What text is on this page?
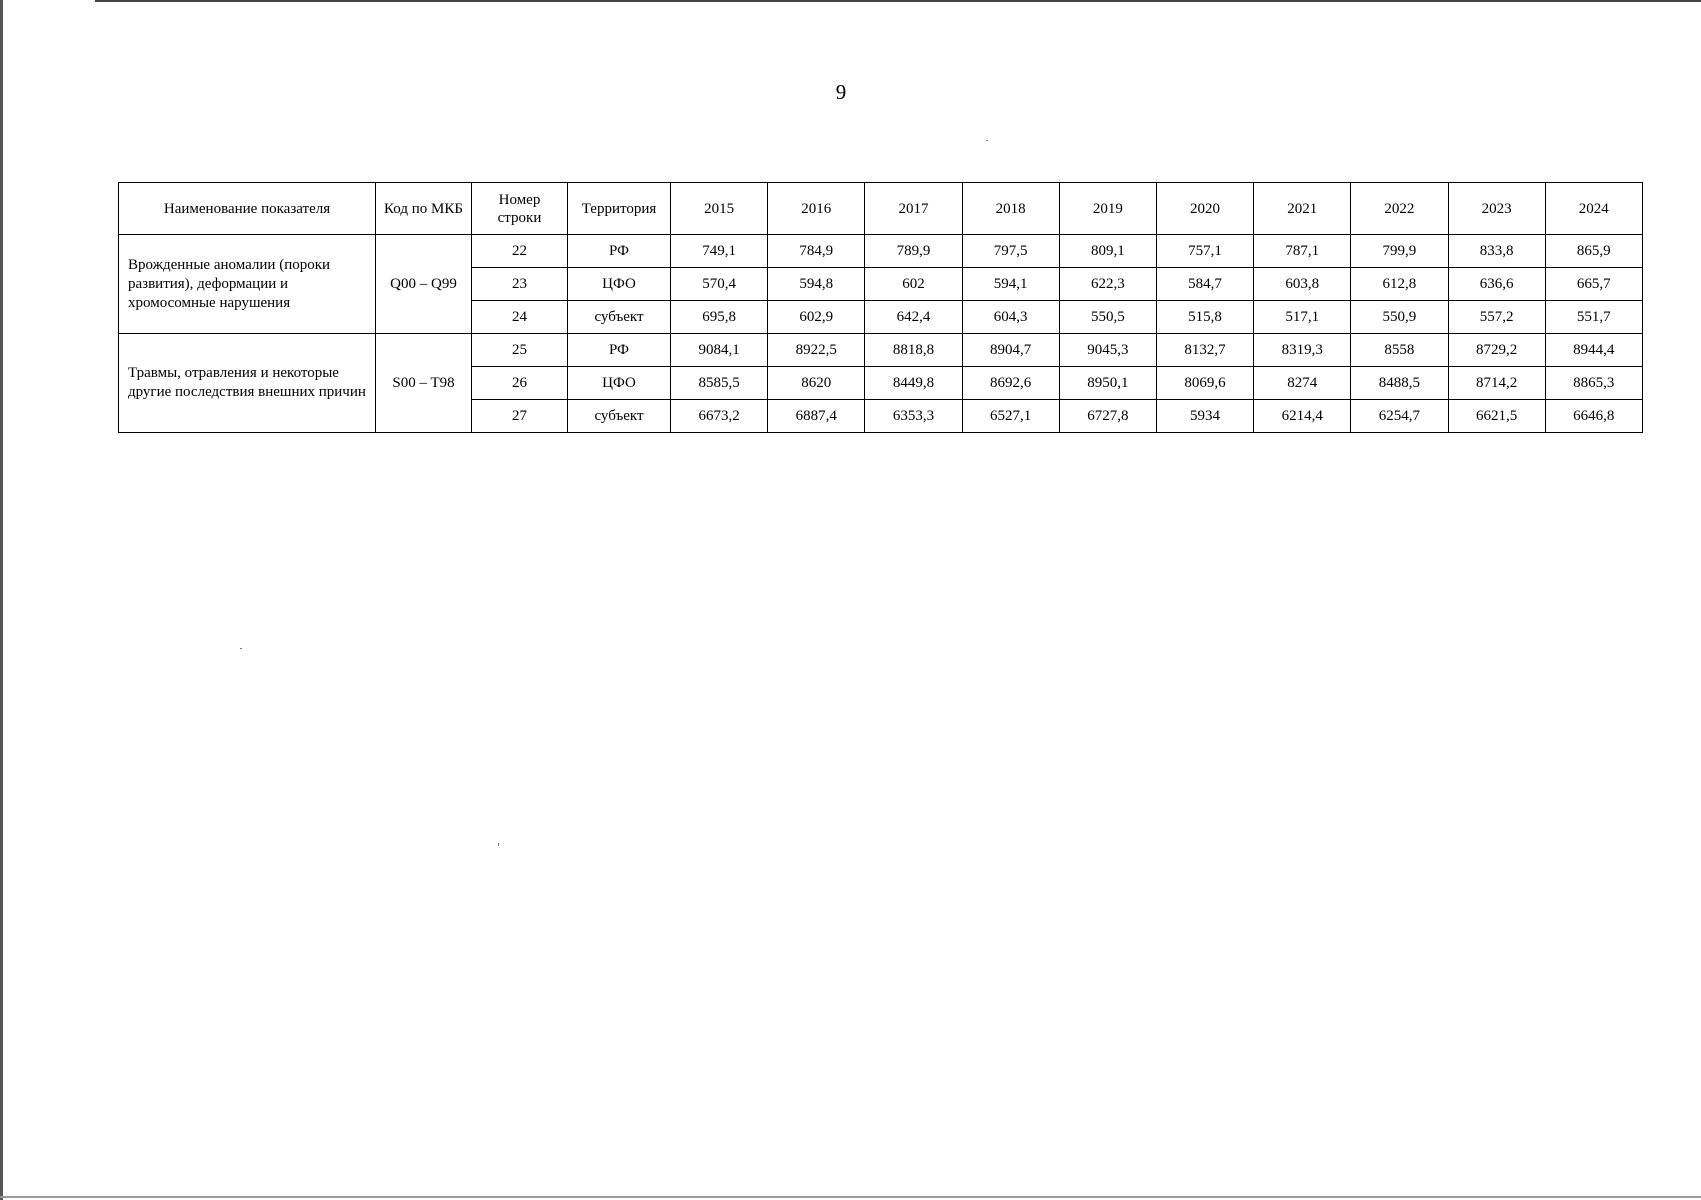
9
Наименование показателя	Код по МКБ	Номер строки	Территория	2015	2016	2017	2018	2019	2020	2021	2022	2023	2024
Врожденные аномалии (пороки развития), деформации и хромосомные нарушения	Q00 – Q99	22	РФ	749,1	784,9	789,9	797,5	809,1	757,1	787,1	799,9	833,8	865,9
		23	ЦФО	570,4	594,8	602	594,1	622,3	584,7	603,8	612,8	636,6	665,7
		24	субъект	695,8	602,9	642,4	604,3	550,5	515,8	517,1	550,9	557,2	551,7
Травмы, отравления и некоторые другие последствия внешних причин	S00 – T98	25	РФ	9084,1	8922,5	8818,8	8904,7	9045,3	8132,7	8319,3	8558	8729,2	8944,4
		26	ЦФО	8585,5	8620	8449,8	8692,6	8950,1	8069,6	8274	8488,5	8714,2	8865,3
		27	субъект	6673,2	6887,4	6353,3	6527,1	6727,8	5934	6214,4	6254,7	6621,5	6646,8
